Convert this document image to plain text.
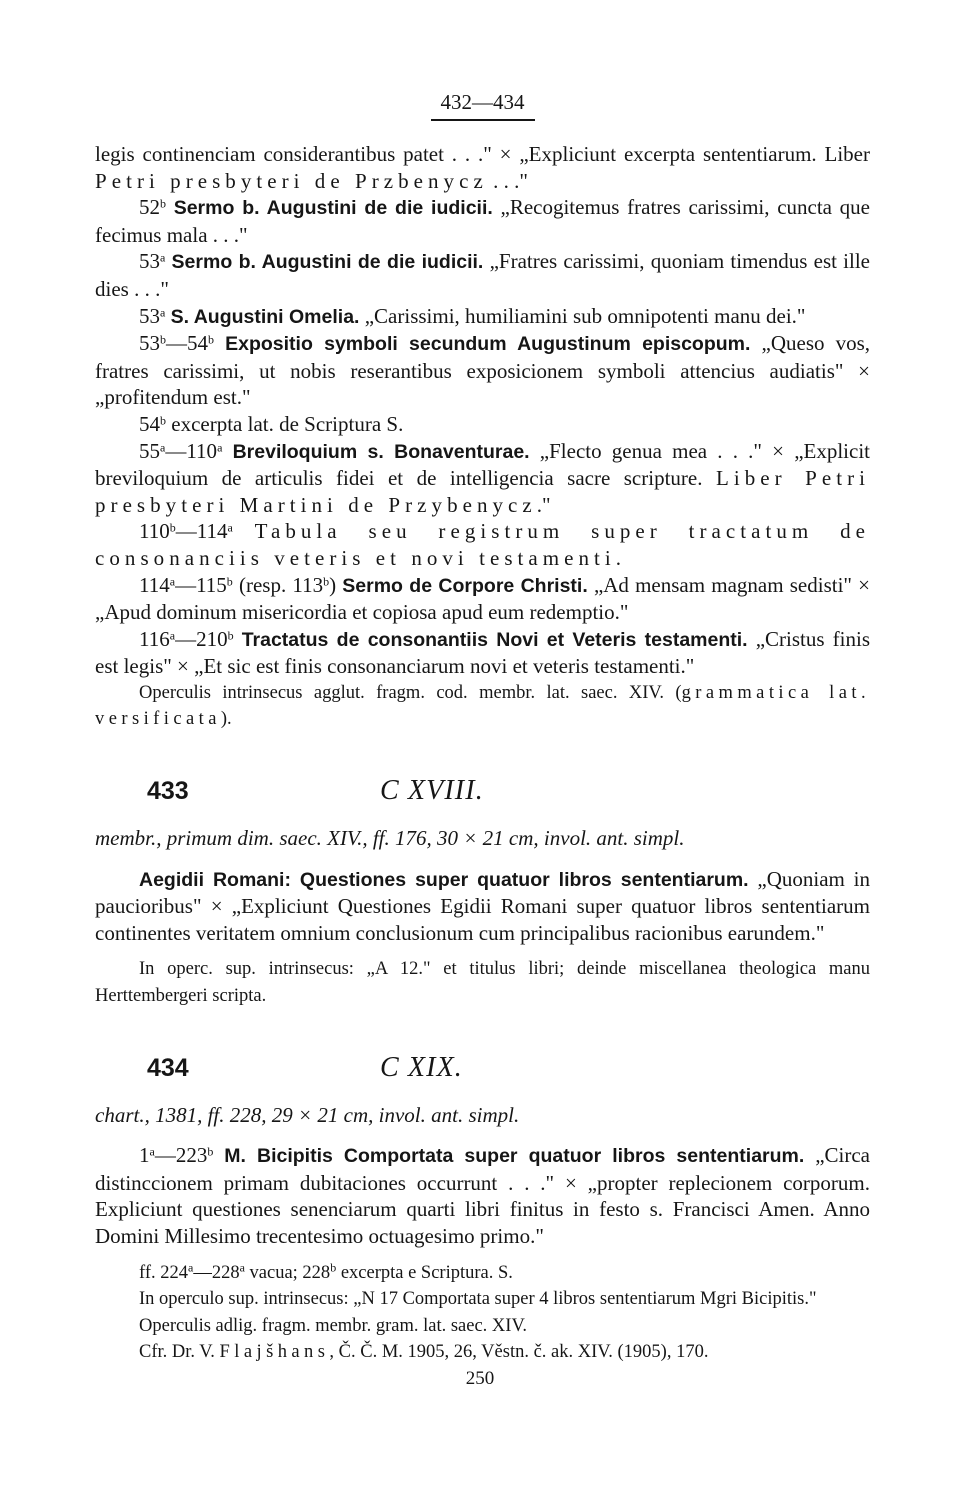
432—434

legis continenciam considerantibus patet . . ." × „Expliciunt excerpta sententiarum. Liber Petri presbyteri de Przbenycz . . ."

52$^b$ Sermo b. Augustini de die iudicii. „Recogitemus fratres carissimi, cuncta que fecimus mala . . ."

53$^a$ Sermo b. Augustini de die iudicii. „Fratres carissimi, quoniam timendus est ille dies . . ."

53$^a$ S. Augustini Omelia. „Carissimi, humiliamini sub omnipotenti manu dei."

53$^b$—54$^b$ Expositio symboli secundum Augustinum episcopum. „Queso vos, fratres carissimi, ut nobis reserantibus exposicionem symboli attencius audiatis" × „profitendum est."

54$^b$ excerpta lat. de Scriptura S.

55$^a$—110$^a$ Breviloquium s. Bonaventurae. „Flecto genua mea . . ." × „Explicit breviloquium de articulis fidei et de intelligencia sacre scripture. Liber Petri presbyteri Martini de Przybenycz."

110$^b$—114$^a$ Tabula seu registrum super tractatum de consonanciis veteris et novi testamenti.

114$^a$—115$^b$ (resp. 113$^b$) Sermo de Corpore Christi. „Ad mensam magnam sedisti" × „Apud dominum misericordia et copiosa apud eum redemptio."

116$^a$—210$^b$ Tractatus de consonantiis Novi et Veteris testamenti. „Cristus finis est legis" × „Et sic est finis consonanciarum novi et veteris testamenti."

Operculis intrinsecus agglut. fragm. cod. membr. lat. saec. XIV. (grammatica lat. versificata).

433	C XVIII.

membr., primum dim. saec. XIV., ff. 176, 30 × 21 cm, invol. ant. simpl.

Aegidii Romani: Questiones super quatuor libros sententiarum. „Quoniam in paucioribus" × „Expliciunt Questiones Egidii Romani super quatuor libros sententiarum continentes veritatem omnium conclusionum cum principalibus racionibus earundem."

In operc. sup. intrinsecus: „A 12." et titulus libri; deinde miscellanea theologica manu Herttembergeri scripta.

434	C XIX.

chart., 1381, ff. 228, 29 × 21 cm, invol. ant. simpl.

1$^a$—223$^b$ M. Bicipitis Comportata super quatuor libros sententiarum. „Circa distinccionem primam dubitaciones occurrunt . . ." × „propter replecionem corporum. Expliciunt questiones senenciarum quarti libri finitus in festo s. Francisci Amen. Anno Domini Millesimo trecentesimo octuagesimo primo."

ff. 224$^a$—228$^a$ vacua; 228$^b$ excerpta e Scriptura. S.

In operculo sup. intrinsecus: „N 17 Comportata super 4 libros sententiarum Mgri Bicipitis."

Operculis adlig. fragm. membr. gram. lat. saec. XIV.

Cfr. Dr. V. Flajšhans, Č. Č. M. 1905, 26, Věstn. č. ak. XIV. (1905), 170.

250
